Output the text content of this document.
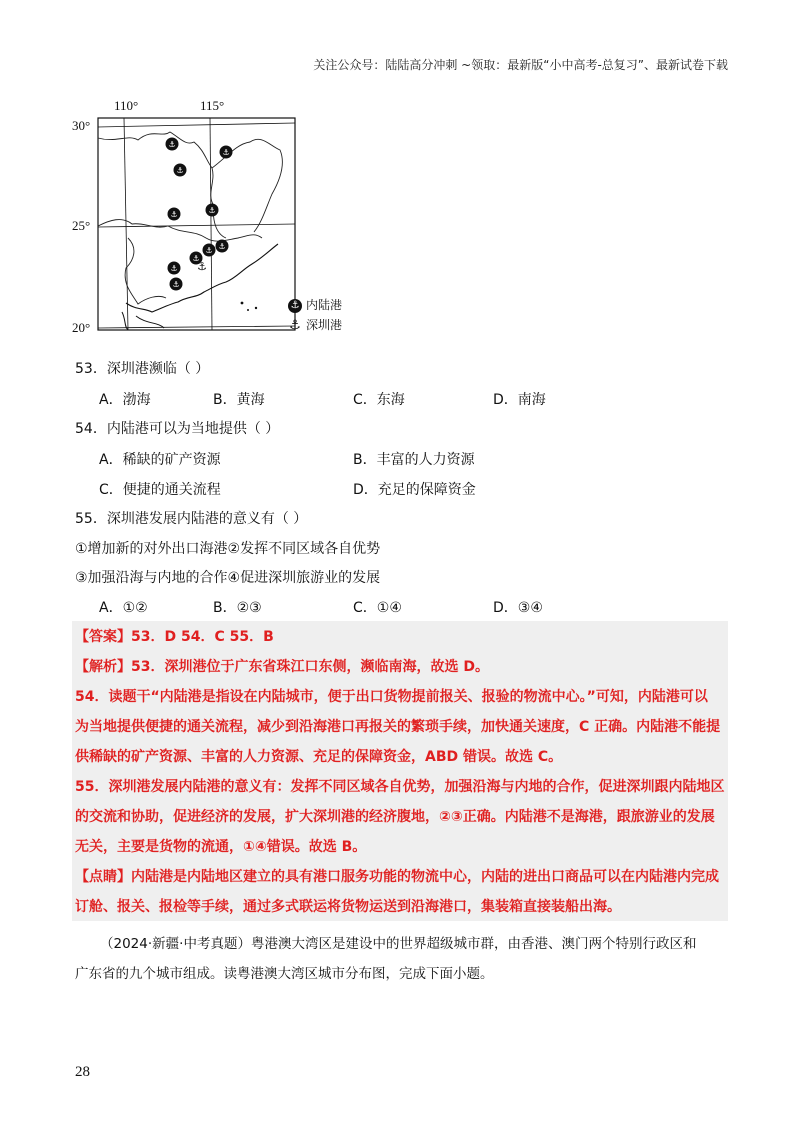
关注公众号：陆陆高分冲刺 ~领取：最新版“小中高考-总复习”、最新试卷下载
⚓
⚓
⚓
⚓	⚓
⚓
⚓
⚓
⚓
⚓
⚓
110°	115°
30°
25°
20°
⚓ 内陆港
⚓ 深圳港
53．深圳港濒临（ ）
A．渤海	B．黄海	C．东海	D．南海
54．内陆港可以为当地提供（ ）
A．稀缺的矿产资源	B．丰富的人力资源
C．便捷的通关流程	D．充足的保障资金
55．深圳港发展内陆港的意义有（ ）
①增加新的对外出口海港②发挥不同区域各自优势
③加强沿海与内地的合作④促进深圳旅游业的发展
A．①②	B．②③	C．①④	D．③④
【答案】53．D 54．C 55．B
【解析】53．深圳港位于广东省珠江口东侧，濒临南海，故选 D。
54．读题干“内陆港是指设在内陆城市，便于出口货物提前报关、报验的物流中心。”可知，内陆港可以
为当地提供便捷的通关流程，减少到沿海港口再报关的繁琐手续，加快通关速度，C 正确。内陆港不能提
供稀缺的矿产资源、丰富的人力资源、充足的保障资金，ABD 错误。故选 C。
55．深圳港发展内陆港的意义有：发挥不同区域各自优势，加强沿海与内地的合作，促进深圳跟内陆地区
的交流和协助，促进经济的发展，扩大深圳港的经济腹地，②③正确。内陆港不是海港，跟旅游业的发展
无关，主要是货物的流通，①④错误。故选 B。
【点睛】内陆港是内陆地区建立的具有港口服务功能的物流中心，内陆的进出口商品可以在内陆港内完成
订舱、报关、报检等手续，通过多式联运将货物运送到沿海港口，集装箱直接装船出海。
（2024·新疆·中考真题）粤港澳大湾区是建设中的世界超级城市群，由香港、澳门两个特别行政区和
广东省的九个城市组成。读粤港澳大湾区城市分布图，完成下面小题。
28
